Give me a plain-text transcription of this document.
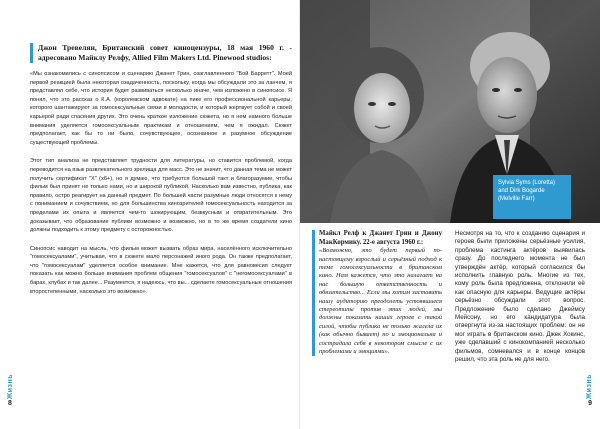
Джон Тревелян, Британский совет киноцензуры, 18 мая 1960 г. - адресовано Майклу Релфу, Allied Film Makers Ltd. Pinewood studios:

«Мы ознакомились с синопсисом и сценарию Джанет Грин, озаглавленного "Бой Барретт". Моей первой реакцией была некоторая озадаченность, поскольку, когда мы обсуждали это за ланчем, я представлял себе, что история будет развиваться несколько иначе, чем изложено в синопсисе. Я понял, что это рассказ о К.А. (королевском адвокате) на пике его профессиональной карьеры, которого шантажируют за гомосексуальные связи в молодости, и который жертвует собой и своей карьерой ради спасения других. Это очень краткое изложение сюжета, но я нем намного больше внимания уделяется гомосексуальным практикам и отношениям, чем я ожидал. Сюжет предполагает, как бы то ни было, сочувствующее, осознанное и разумное обсуждение существующей проблемы.

Этот тип анализа не представляет трудности для литературы, но ставится проблемой, когда переводится на язык развлекательного зрелища для масс. Это не значит, что данная тема не может получить сертификат "X" (х6+), но я думаю, что требуются большой такт и благоразумие, чтобы фильм был принят не только нами, но и широкой публикой. Насколько вам известно, публика, как правило, остро реагирует на данный предмет. По большей части разумные люди относятся к нему с пониманием и сочувствием, но для большинства кинозрителей гомосексуальность находится за пределами их опыта и является чем-то шокирующим, безвкусным и отвратительным. Это доказывает, что образование публики возможно и возможно, но в то же время создатели кино должны подходить к этому предмету с осторожностью.

Синопсис наводит на мысль, что фильм может вызвать образ мира, населённого исключительно "гомосексуалами", учитывая, что в сюжете мало персонажей иного рода. Он также предполагает, что "гомосексуалам" уделяется особое внимание. Мне кажется, что для равновесия следует показать как можно больше внимания проблем общения "гомосексуалов" с "негомосексуалами" в барах, клубах и так далее... Разумеется, я надеюсь, что вы... сделаете гомосексуальные отношения второстепенными, насколько это возможно».

Жизнь
8
Sylvia Syms (Loretta)
and Dirk Bogarde
(Melville Farr)

Майкл Релф к Джанет Грин и Джону МакКормику. 22-е августа 1960 г.:

«Возможно, это будет первый по-настоящему взрослый и серьёзный подход к теме гомосексуальности в британском кино. Нам кажется, что это налагает на нас большую ответственность и обязательство... Если мы хотим заставить нашу аудиторию преодолеть устоявшиеся стереотипы против этих людей, мы должны показать наших героев с такой силой, чтобы публика не только жалела их (как обычно бывает) но и эмоциональна и сострадала себя в некотором смысле с их проблемами и эмоциями».

Несмотря на то, что к созданию сценария и героев были приложены серьёзные усилия, проблема кастинга актёров выявилась сразу. До последнего момента не был утверждён актёр, который согласился бы исполнить главную роль. Многие из тех, кому роль была предложена, отклонили её как опасную для карьеры. Ведущие актёры серьёзно обсуждали этот вопрос. Предложение было сделано Джеймсу Мейсону, но его кандидатура была отвергнута из-за настоящих проблем: он не мог играть в британском кино. Джек Хокинс, уже сделавший с кинокомпанией несколько фильмов, сомневался и в конце концов решил, что эта роль не для него.

Жизнь
9
